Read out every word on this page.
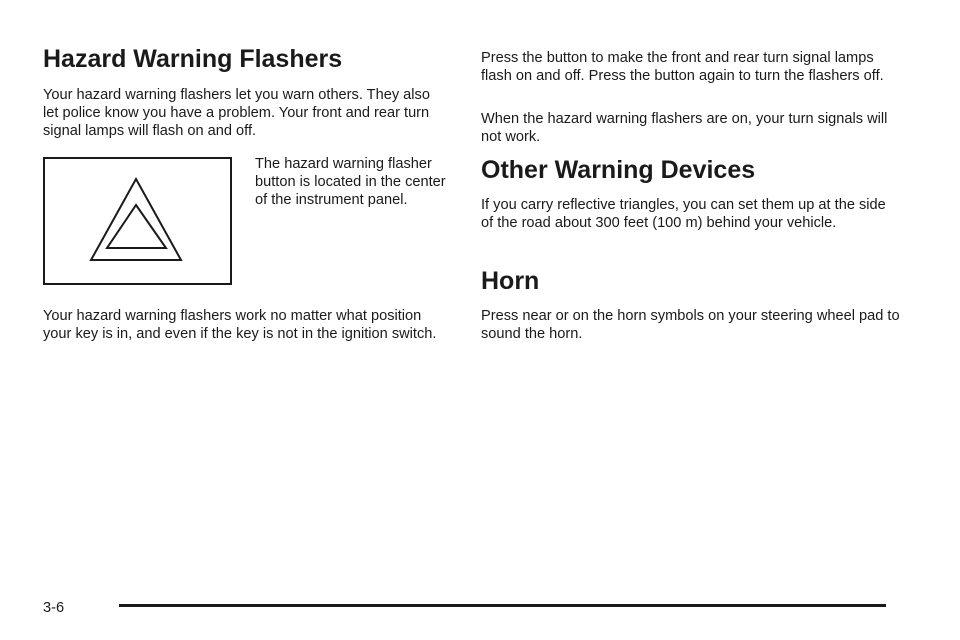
Hazard Warning Flashers

Your hazard warning flashers let you warn others. They also let police know you have a problem. Your front and rear turn signal lamps will flash on and off.

The hazard warning flasher button is located in the center of the instrument panel.

Your hazard warning flashers work no matter what position your key is in, and even if the key is not in the ignition switch.

Press the button to make the front and rear turn signal lamps flash on and off. Press the button again to turn the flashers off.

When the hazard warning flashers are on, your turn signals will not work.

Other Warning Devices

If you carry reflective triangles, you can set them up at the side of the road about 300 feet (100 m) behind your vehicle.

Horn

Press near or on the horn symbols on your steering wheel pad to sound the horn.

3-6
